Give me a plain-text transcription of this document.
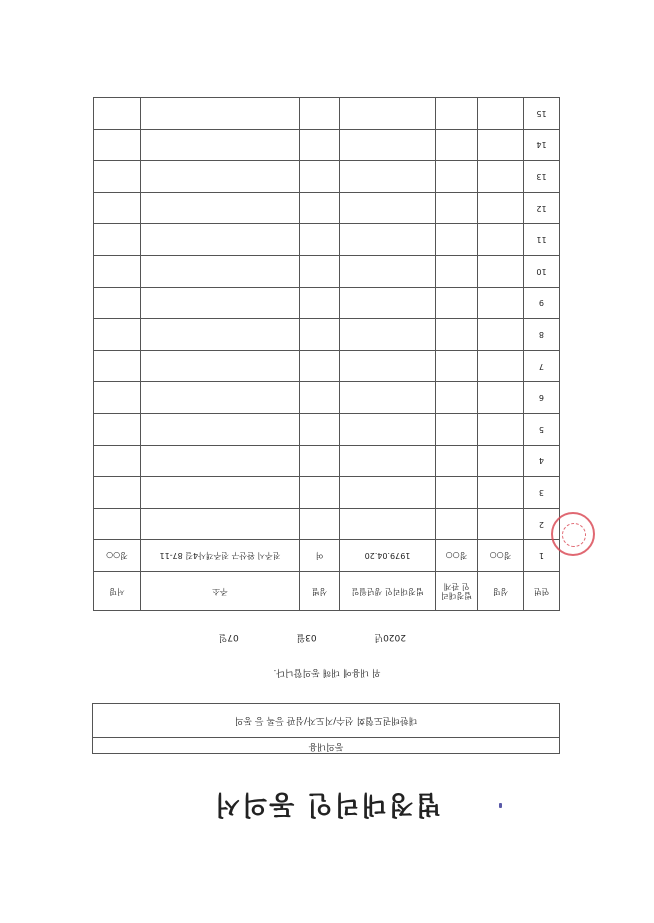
법정대리인 동의서
동의내용
대한태권도협회 선수/지도자/심판 등록 등 동의
위 내용에 대해 동의합니다.
2020년  03월  07일
연번	성명	법정대리인 관계	법정대리인 생년월일	성별	주소	서명
1	정○○	정○○	1979.04.20	여	전주시 완산구 전주객사4길 87-11	정○○
2						
3						
4						
5						
6						
7						
8						
9						
10						
11						
12						
13						
14						
15						
